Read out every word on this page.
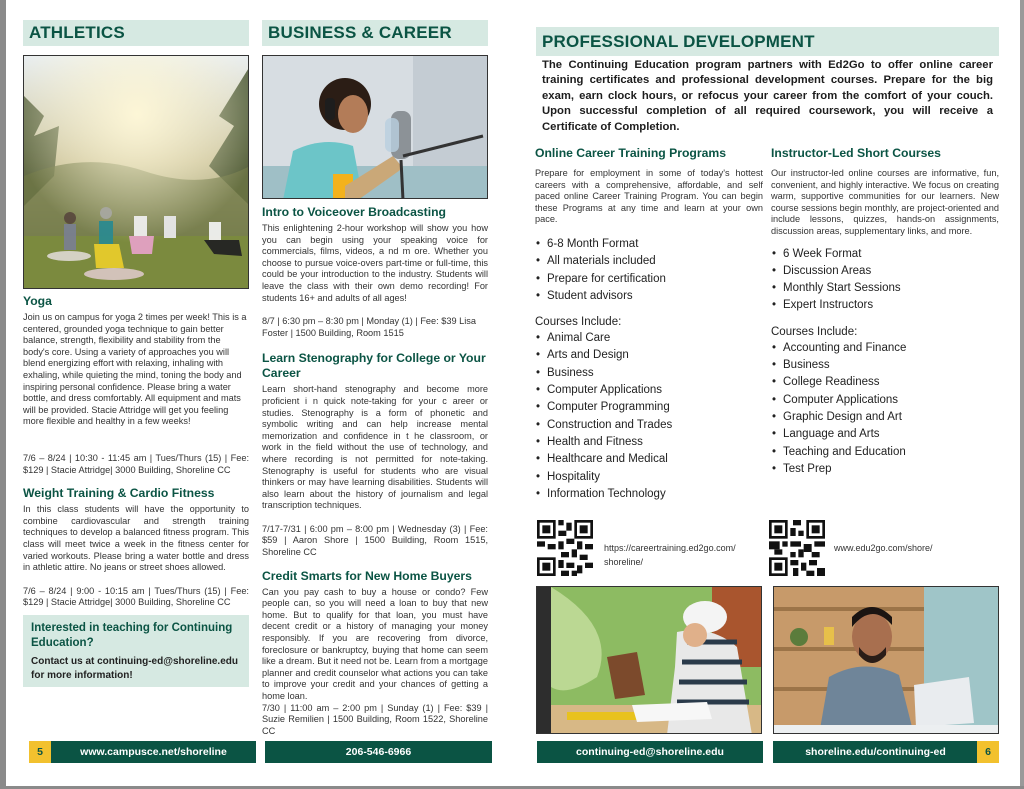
ATHLETICS
Yoga

Join us on campus for yoga 2 times per week! This is a centered, grounded yoga technique to gain better balance, strength, flexibility and stability from the body's core. Using a variety of approaches you will blend energizing effort with relaxing, inhaling with exhaling, while quieting the mind, toning the body and inspiring personal confidence. Please bring a water bottle, and dress comfortably. All equipment and mats will be provided. Stacie Attridge will get you feeling more flexible and healthy in a few weeks!

7/6 – 8/24 | 10:30 - 11:45 am | Tues/Thurs (15) | Fee: $129 | Stacie Attridge| 3000 Building, Shoreline CC

Weight Training & Cardio Fitness

In this class students will have the opportunity to combine cardiovascular and strength training techniques to develop a balanced fitness program. This class will meet twice a week in the fitness center for varied workouts. Please bring a water bottle and dress in athletic attire. No jeans or street shoes allowed.

7/6 – 8/24 | 9:00 - 10:15 am | Tues/Thurs (15) | Fee: $129 | Stacie Attridge| 3000 Building, Shoreline CC

Interested in teaching for Continuing Education?
Contact us at continuing-ed@shoreline.edu for more information!
BUSINESS & CAREER
Intro to Voiceover Broadcasting

This enlightening 2-hour workshop will show you how you can begin using your speaking voice for commercials, films, videos, a nd m ore. Whether you choose to pursue voice-overs part-time or full-time, this could be your introduction to the industry. Students will leave the class with their own demo recording! For students 16+ and adults of all ages!

8/7 | 6:30 pm – 8:30 pm | Monday (1) | Fee: $39 Lisa Foster | 1500 Building, Room 1515

Learn Stenography for College or Your Career

Learn short-hand stenography and become more proficient i n quick note-taking for your c areer or studies. Stenography is a form of phonetic and symbolic writing and can help increase mental memorization and confidence in t he classroom, or work in the field without the use of technology, and where recording is not permitted for note-taking. Stenography is useful for students who are visual thinkers or may have learning disabilities. Students will also learn about the history of journalism and legal transcription techniques.

7/17-7/31 | 6:00 pm – 8:00 pm | Wednesday (3) | Fee: $59 | Aaron Shore | 1500 Building, Room 1515, Shoreline CC

Credit Smarts for New Home Buyers

Can you pay cash to buy a house or condo? Few people can, so you will need a loan to buy that new home. But to qualify for that loan, you must have decent credit or a history of managing your money responsibly. If you are recovering from divorce, foreclosure or bankruptcy, buying that home can seem like a dream. But it need not be. Learn from a mortgage planner and credit counselor what actions you can take to improve your credit and your chances of getting a home loan.

7/30 | 11:00 am – 2:00 pm | Sunday (1) | Fee: $39 | Suzie Remilien | 1500 Building, Room 1522, Shoreline CC

5	www.campusce.net/shoreline	206-546-6966
PROFESSIONAL DEVELOPMENT

The Continuing Education program partners with Ed2Go to offer online career training certificates and professional development courses. Prepare for the big exam, earn clock hours, or refocus your career from the comfort of your couch. Upon successful completion of all required coursework, you will receive a Certificate of Completion.

Online Career Training Programs

Prepare for employment in some of today's hottest careers with a comprehensive, affordable, and self paced online Career Training Program. You can begin these Programs at any time and learn at your own pace.

• 6-8 Month Format
• All materials included
• Prepare for certification
• Student advisors
Courses Include:
• Animal Care
• Arts and Design
• Business
• Computer Applications
• Computer Programming
• Construction and Trades
• Health and Fitness
• Healthcare and Medical
• Hospitality
• Information Technology
Instructor-Led Short Courses

Our instructor-led online courses are informative, fun, convenient, and highly interactive. We focus on creating warm, supportive communities for our learners. New course sessions begin monthly, are project-oriented and include lessons, quizzes, hands-on assignments, discussion areas, supplementary links, and more.

• 6 Week Format
• Discussion Areas
• Monthly Start Sessions
• Expert Instructors
Courses Include:
• Accounting and Finance
• Business
• College Readiness
• Computer Applications
• Graphic Design and Art
• Language and Arts
• Teaching and Education
• Test Prep
https://careertraining.ed2go.com/
shoreline/
www.edu2go.com/shore/
continuing-ed@shoreline.edu	shoreline.edu/continuing-ed	6
